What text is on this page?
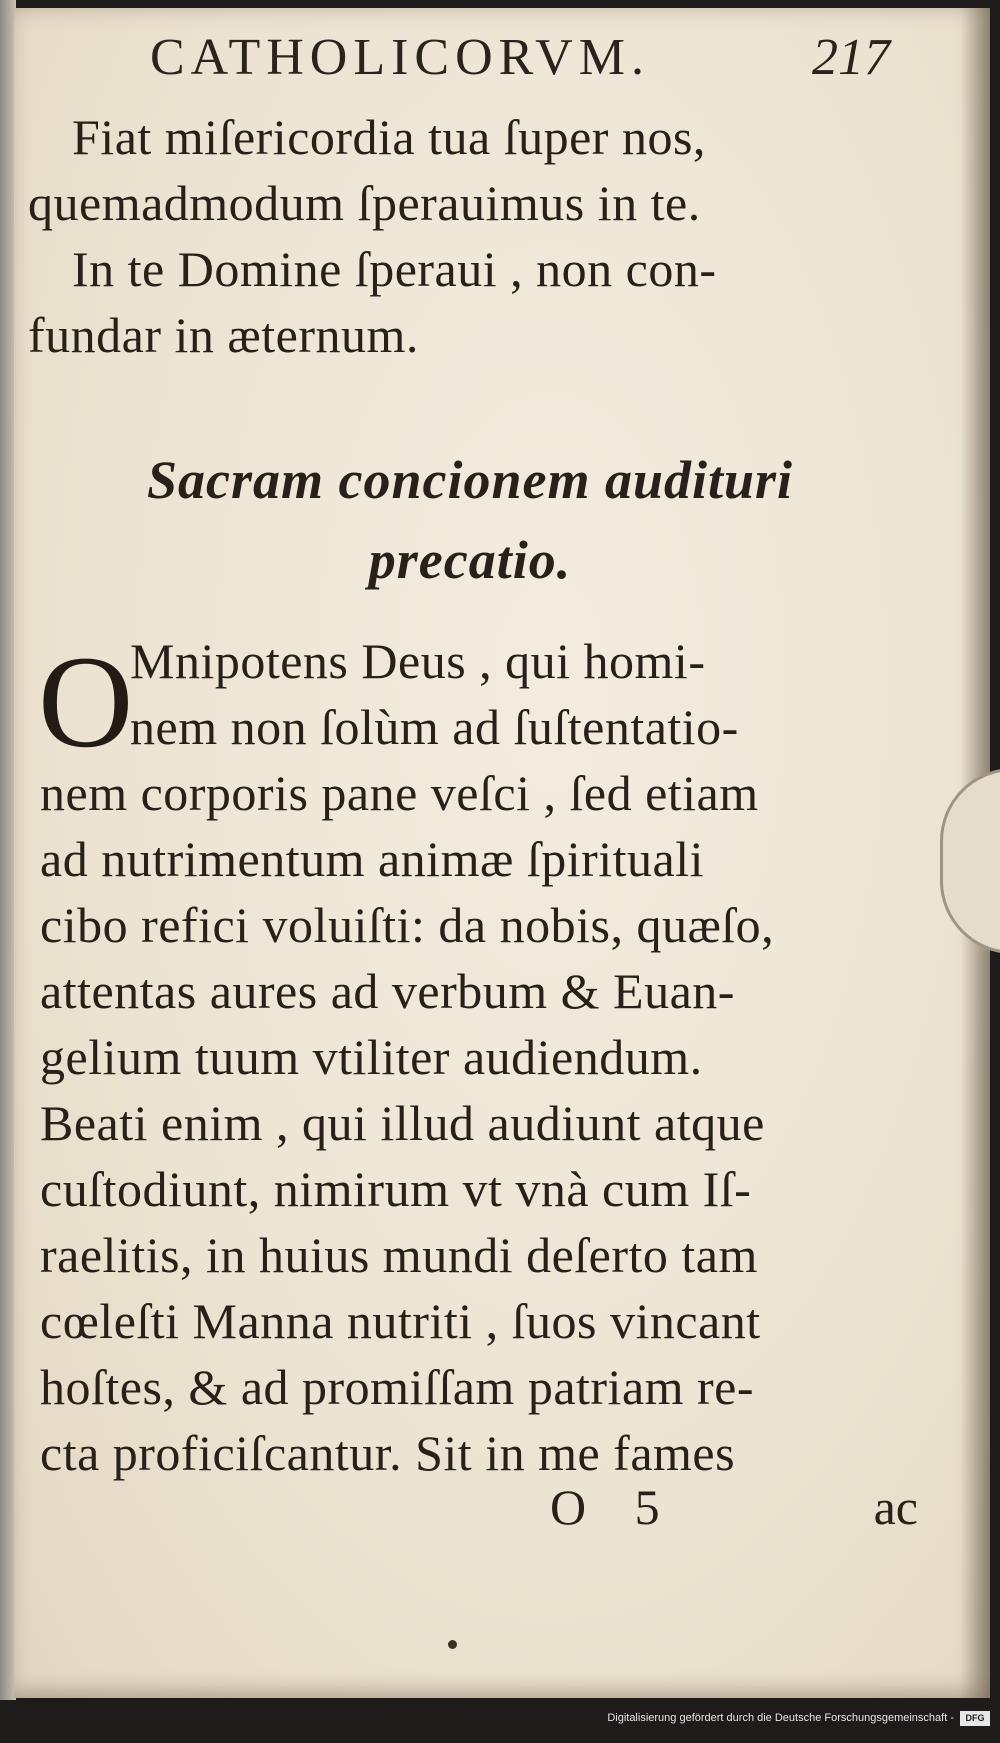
CATHOLICORVM.	217
Fiat miſericordia tua ſuper nos,
quemadmodum ſperauimus in te.
In te Domine ſperaui , non con-
fundar in æternum.
Sacram concionem audituri
precatio.
O
Mnipotens Deus , qui homi-
nem non ſolùm ad ſuſtentatio-
nem corporis pane veſci , ſed etiam
ad nutrimentum animæ ſpirituali
cibo refici voluiſti: da nobis, quæſo,
attentas aures ad verbum & Euan-
gelium tuum vtiliter audiendum.
Beati enim , qui illud audiunt atque
cuſtodiunt, nimirum vt vnà cum Iſ-
raelitis, in huius mundi deſerto tam
cœleſti Manna nutriti , ſuos vincant
hoſtes, & ad promiſſam patriam re-
cta proficiſcantur. Sit in me fames
O 5	ac
Digitalisierung gefördert durch die Deutsche Forschungsgemeinschaft -	DFG
